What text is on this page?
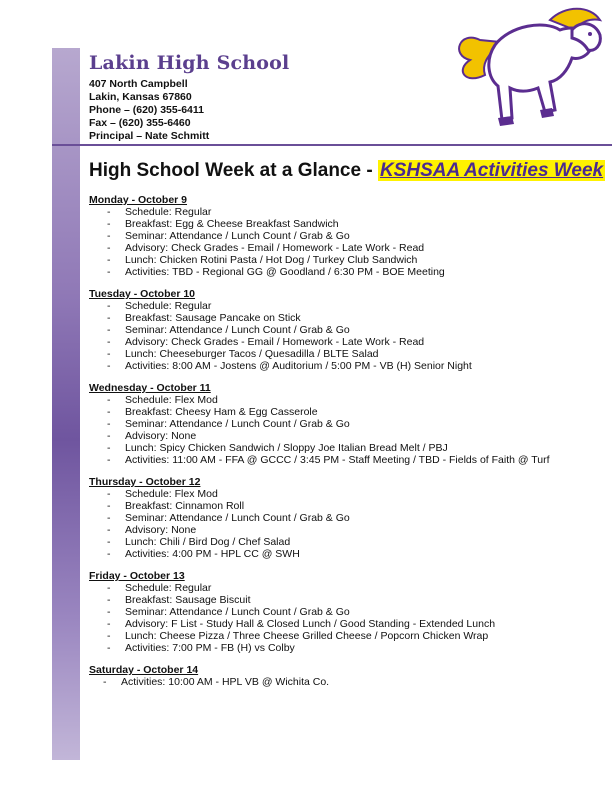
Lakin High School

407 North Campbell

Lakin, Kansas 67860

Phone – (620) 355-6411

Fax – (620) 355-6460

Principal – Nate Schmitt

High School Week at a Glance - KSHSAA Activities Week

Monday - October 9

- Schedule: Regular
- Breakfast: Egg & Cheese Breakfast Sandwich
- Seminar: Attendance / Lunch Count / Grab & Go
- Advisory: Check Grades - Email / Homework - Late Work - Read
- Lunch: Chicken Rotini Pasta / Hot Dog / Turkey Club Sandwich
- Activities: TBD - Regional GG @ Goodland / 6:30 PM - BOE Meeting

Tuesday - October 10

- Schedule: Regular
- Breakfast: Sausage Pancake on Stick
- Seminar: Attendance / Lunch Count / Grab & Go
- Advisory: Check Grades - Email / Homework - Late Work - Read
- Lunch: Cheeseburger Tacos / Quesadilla / BLTE Salad
- Activities: 8:00 AM - Jostens @ Auditorium / 5:00 PM - VB (H) Senior Night

Wednesday - October 11

- Schedule: Flex Mod
- Breakfast: Cheesy Ham & Egg Casserole
- Seminar: Attendance / Lunch Count / Grab & Go
- Advisory: None
- Lunch: Spicy Chicken Sandwich / Sloppy Joe Italian Bread Melt / PBJ
- Activities: 11:00 AM - FFA @ GCCC / 3:45 PM - Staff Meeting / TBD - Fields of Faith @ Turf

Thursday - October 12

- Schedule: Flex Mod
- Breakfast: Cinnamon Roll
- Seminar: Attendance / Lunch Count / Grab & Go
- Advisory: None
- Lunch: Chili / Bird Dog / Chef Salad
- Activities: 4:00 PM - HPL CC @ SWH

Friday - October 13

- Schedule: Regular
- Breakfast: Sausage Biscuit
- Seminar: Attendance / Lunch Count / Grab & Go
- Advisory: F List - Study Hall & Closed Lunch / Good Standing - Extended Lunch
- Lunch: Cheese Pizza / Three Cheese Grilled Cheese / Popcorn Chicken Wrap
- Activities: 7:00 PM - FB (H) vs Colby

Saturday - October 14

- Activities: 10:00 AM - HPL VB @ Wichita Co.
